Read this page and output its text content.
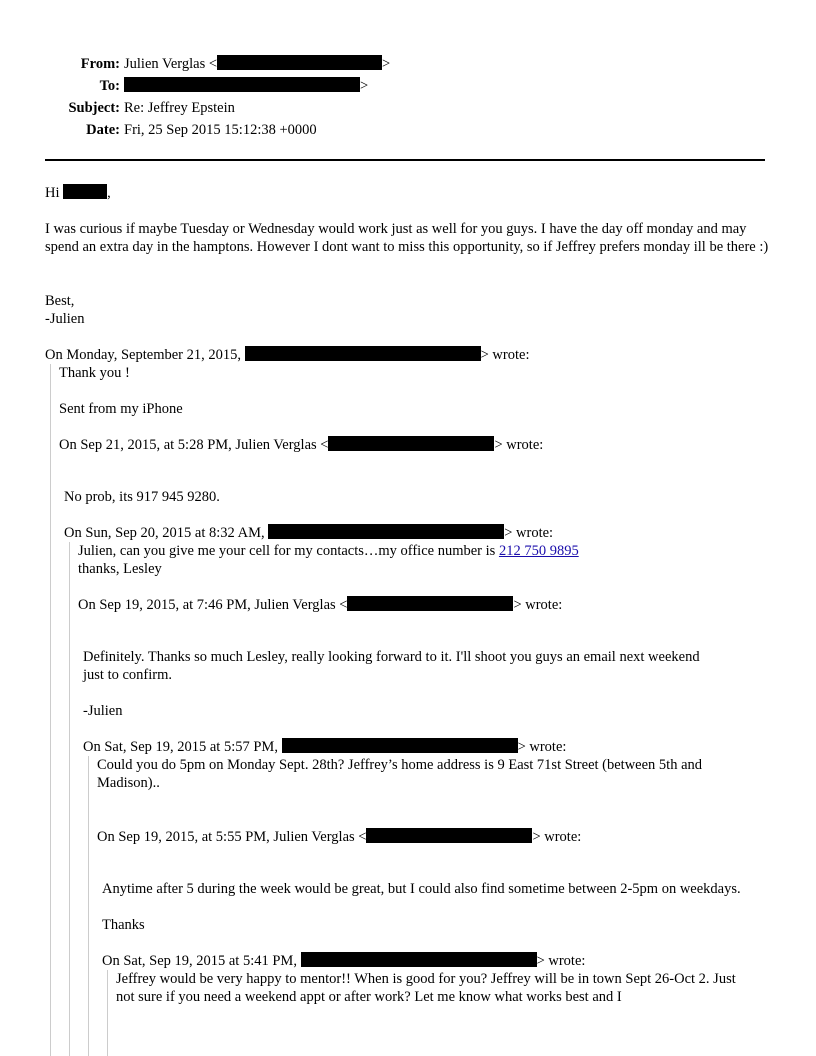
From: Julien Verglas <	>
To:	>
Subject: Re: Jeffrey Epstein
Date: Fri, 25 Sep 2015 15:12:38 +0000
Hi	,
I was curious if maybe Tuesday or Wednesday would work just as well for you guys. I have the day off monday and may spend an extra day in the hamptons. However I dont want to miss this opportunity, so if Jeffrey prefers monday ill be there :)
Best,
-Julien
On Monday, September 21, 2015,	> wrote:
Thank you !
Sent from my iPhone
On Sep 21, 2015, at 5:28 PM, Julien Verglas <	> wrote:
No prob, its 917 945 9280.
On Sun, Sep 20, 2015 at 8:32 AM,	> wrote:
Julien, can you give me your cell for my contacts…my office number is 212 750 9895
thanks, Lesley
On Sep 19, 2015, at 7:46 PM, Julien Verglas <	> wrote:
Definitely. Thanks so much Lesley, really looking forward to it. I'll shoot you guys an email next weekend just to confirm.
-Julien
On Sat, Sep 19, 2015 at 5:57 PM,	> wrote:
Could you do 5pm on Monday Sept. 28th? Jeffrey’s home address is 9 East 71st Street (between 5th and Madison)..
On Sep 19, 2015, at 5:55 PM, Julien Verglas <	> wrote:
Anytime after 5 during the week would be great, but I could also find sometime between 2-5pm on weekdays.
Thanks
On Sat, Sep 19, 2015 at 5:41 PM,	> wrote:
Jeffrey would be very happy to mentor!! When is good for you? Jeffrey will be in town Sept 26-Oct 2. Just not sure if you need a weekend appt or after work? Let me know what works best and I
